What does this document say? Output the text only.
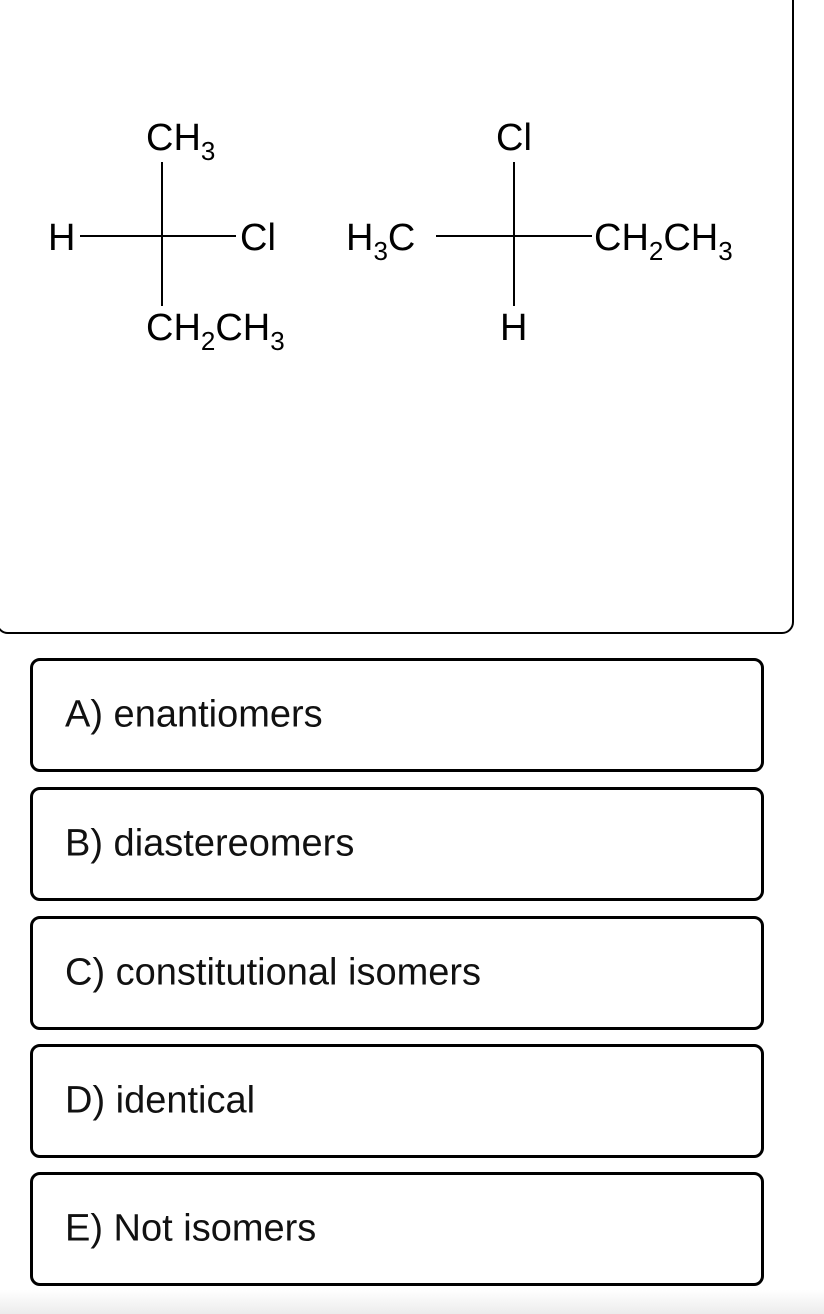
$CH_3$
H	Cl
$CH_2CH_3$
Cl
$H_3C$	$CH_2CH_3$
H
A) enantiomers
B) diastereomers
C) constitutional isomers
D) identical
E) Not isomers
